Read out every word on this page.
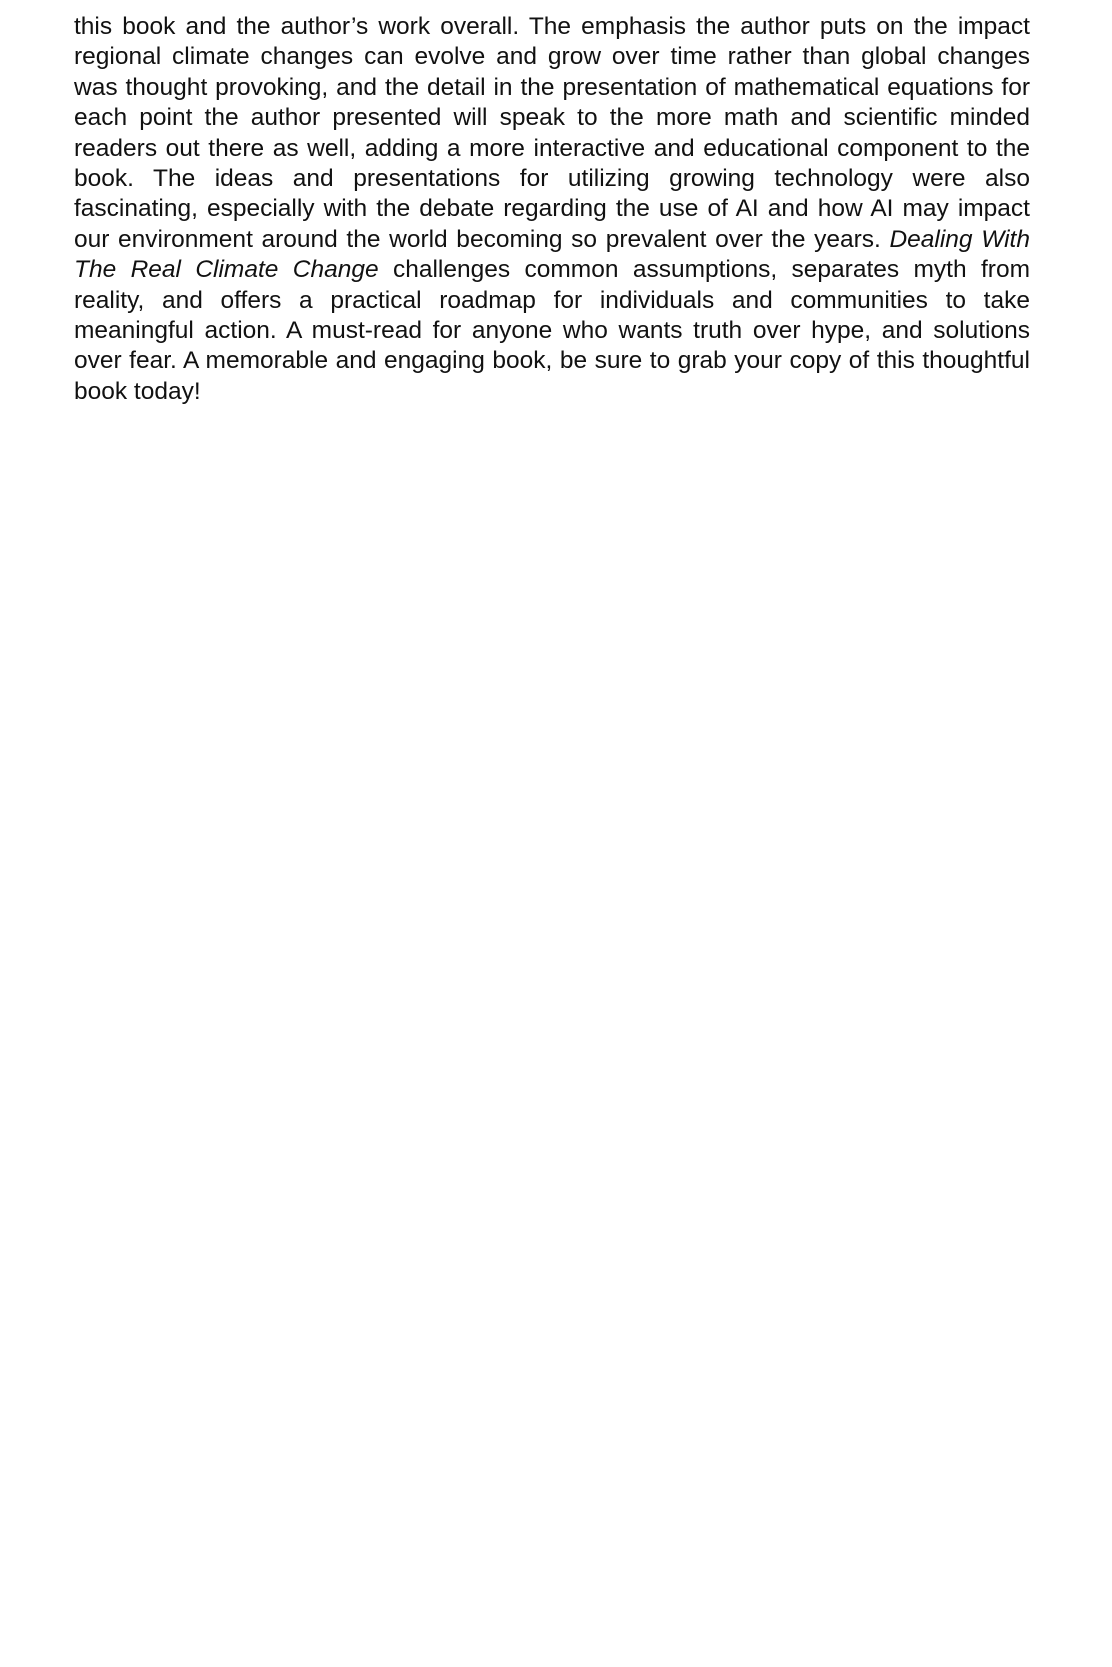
this book and the author’s work overall. The emphasis the author puts on the impact regional climate changes can evolve and grow over time rather than global changes was thought provoking, and the detail in the presentation of mathematical equations for each point the author presented will speak to the more math and scientific minded readers out there as well, adding a more interactive and educational component to the book. The ideas and presentations for utilizing growing technology were also fascinating, especially with the debate regarding the use of AI and how AI may impact our environment around the world becoming so prevalent over the years. Dealing With The Real Climate Change challenges common assumptions, separates myth from reality, and offers a practical roadmap for individuals and communities to take meaningful action. A must-read for anyone who wants truth over hype, and solutions over fear. A memorable and engaging book, be sure to grab your copy of this thoughtful book today!
